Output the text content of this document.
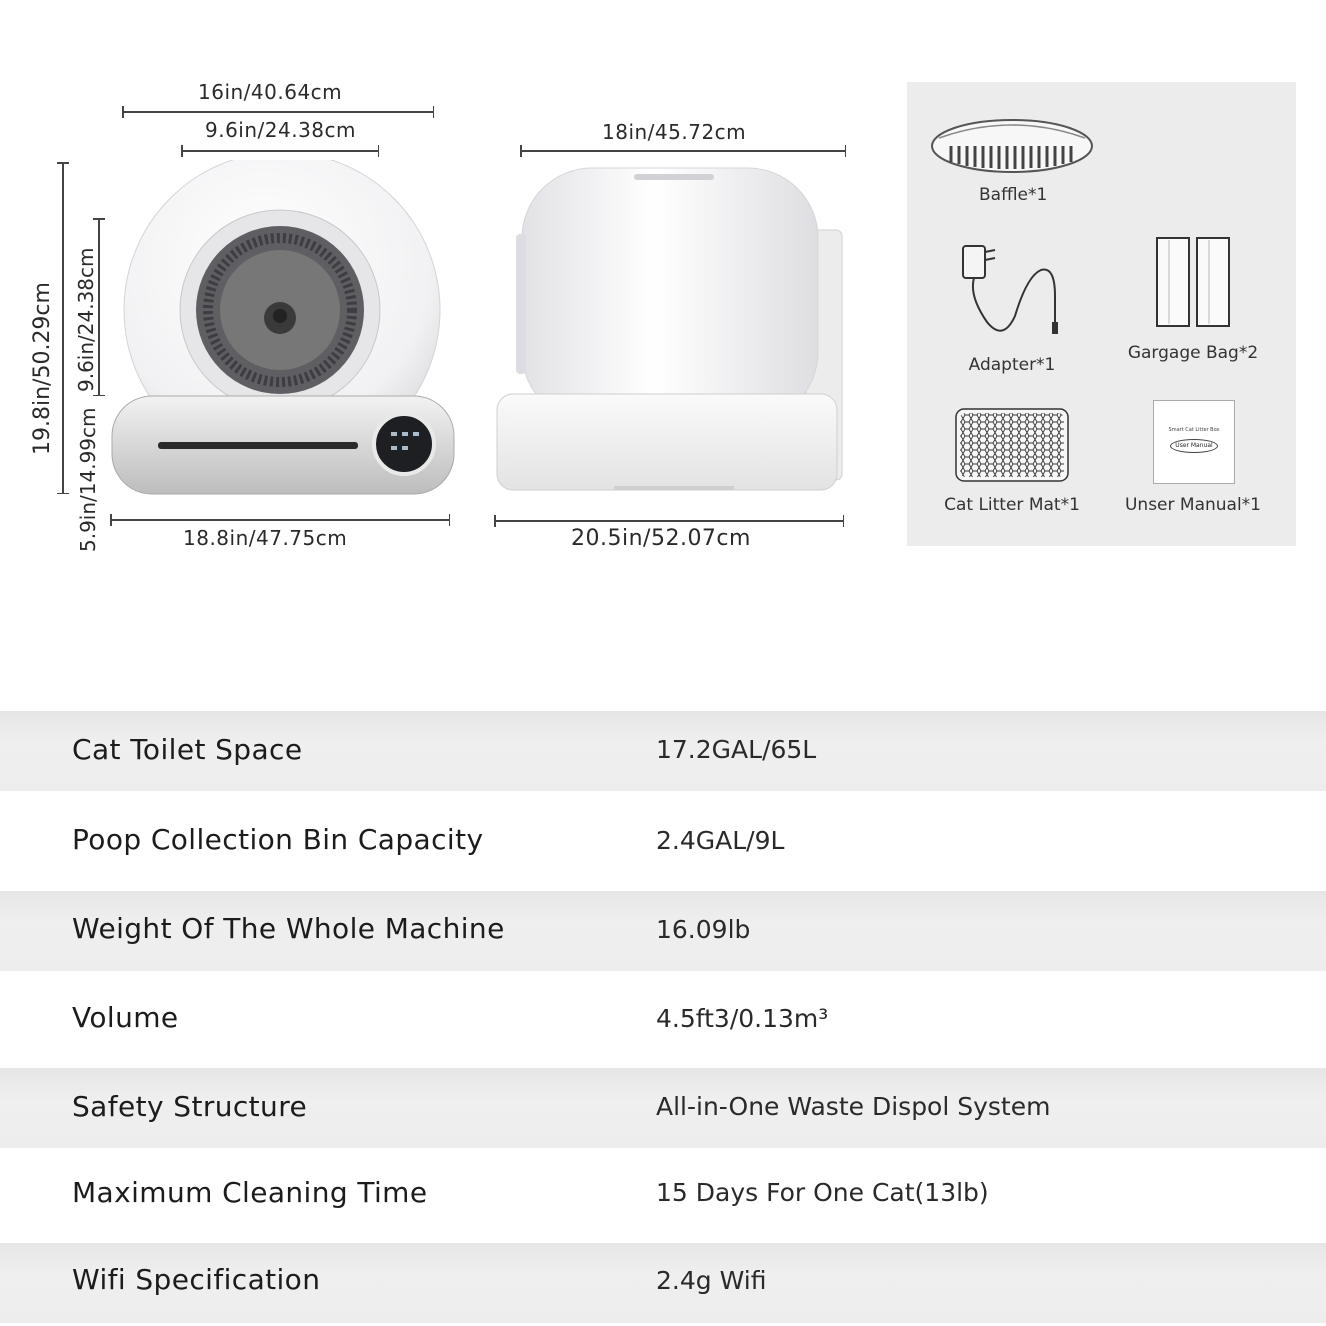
16in/40.64cm
9.6in/24.38cm
19.8in/50.29cm 9.6in/24.38cm
5.9in/14.99cm	18.8in/47.75cm
18in/45.72cm
20.5in/52.07cm
Baffle*1
Adapter*1
Gargage Bag*2
Cat Litter Mat*1
Smart Cat Litter Box
User Manual
Unser Manual*1
Cat Toilet Space	17.2GAL/65L
Poop Collection Bin Capacity	2.4GAL/9L
Weight Of The Whole Machine	16.09lb
Volume	4.5ft3/0.13m³
Safety Structure	All-in-One Waste Dispol System
Maximum Cleaning Time	15 Days For One Cat(13lb)
Wifi Specification	2.4g Wifi
